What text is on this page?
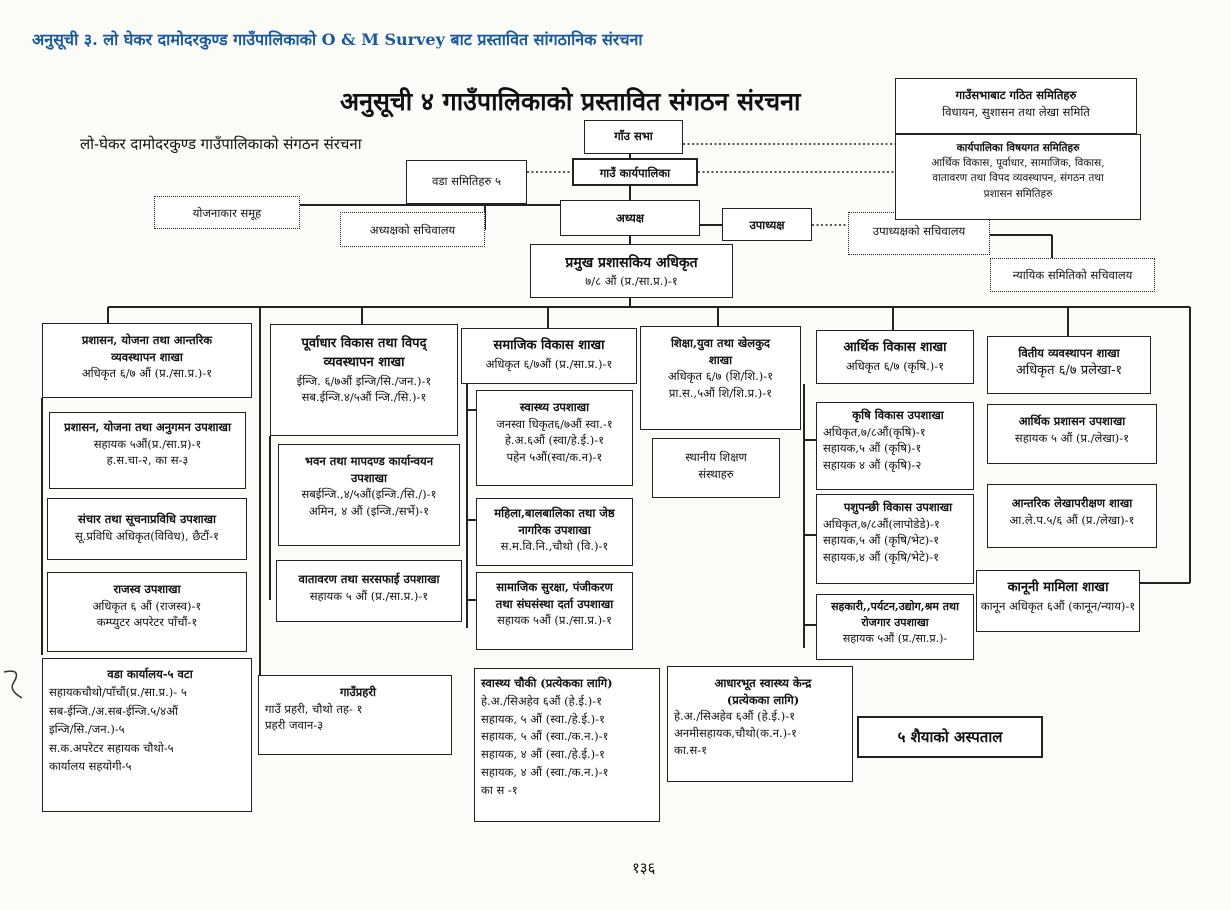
अनुसूची ३. लो घेकर दामोदरकुण्ड गाउँपालिकाको O & M Survey बाट प्रस्तावित सांगठानिक संरचना
अनुसूची ४ गाउँपालिकाको प्रस्तावित संगठन संरचना
लो-घेकर दामोदरकुण्ड गाउँपालिकाको संगठन संरचना	गाँउ सभा
गाउँ कार्यपालिका
वडा समितिहरु ५
योजनाकार समूह	अध्यक्ष
अध्यक्षको सचिवालय	उपाध्यक्ष	उपाध्यक्षको सचिवालय
न्यायिक समितिको सचिवालय
गाउँसभाबाट गठित समितिहरु
विधायन, सुशासन तथा लेखा समिति
कार्यपालिका विषयगत समितिहरु
आर्थिक विकास, पूर्वाधार, सामाजिक, विकास,
वातावरण तथा विपद व्यवस्थापन, संगठन तथा
प्रशासन समितिहरु
प्रमुख प्रशासकिय अधिकृत
७/८ औं (प्र./सा.प्र.)-१
प्रशासन, योजना तथा आन्तरिक
व्यवस्थापन शाखा
अधिकृत ६/७ औं (प्र./सा.प्र.)-१
प्रशासन, योजना तथा अनुगमन उपशाखा
सहायक ५औं(प्र./सा.प्र)-१
ह.स.चा-२, का स-३
संचार तथा सूचनाप्रविधि उपशाखा
सू.प्रविधि अधिकृत(विविध), छैटौं-१
राजस्व उपशाखा
अधिकृत ६ औं (राजस्व)-१
कम्प्युटर अपरेटर पाँचौं-१
वडा कार्यालय-५ वटा
सहायकचौथो/पाँचौं(प्र./सा.प्र.)- ५
सब-ईन्जि./अ.सब-ईन्जि.५/४औं
इन्जि/सि./जन.)-५
स.क.अपरेटर सहायक चौथो-५
कार्यालय सहयोगी-५
पूर्वाधार विकास तथा विपद्
व्यवस्थापन शाखा
ईन्जि. ६/७औं इन्जि/सि./जन.)-१
सब.ईन्जि.४/५औं न्जि./सि.)-१
भवन तथा मापदण्ड कार्यान्वयन
उपशाखा
सबईन्जि.,४/५औं(इन्जि./सि./)-१
अमिन, ४ औं (इन्जि./सर्भे)-१
वातावरण तथा सरसफाई उपशाखा
सहायक ५ औं (प्र./सा.प्र.)-१
गाउँप्रहरी
गाउँ प्रहरी, चौथो तह- १
प्रहरी जवान-३
समाजिक विकास शाखा
अधिकृत ६/७औं (प्र./सा.प्र.)-१
स्वास्थ्य उपशाखा
जनस्वा धिकृत६/७औं स्वा.-१
हे.अ.६औं (स्वा/हे.ई.)-१
पहेन ५औं(स्वा/क.न)-१
महिला,बालबालिका तथा जेष्ठ
नागरिक उपशाखा
स.म.वि.नि.,चौथो (वि.)-१
सामाजिक सुरक्षा, पंजीकरण
तथा संघसंस्था दर्ता उपशाखा
सहायक ५औं (प्र./सा.प्र.)-१
स्वास्थ्य चौकी (प्रत्येकका लागि)
हे.अ./सिअहेव ६औं (हे.ई.)-१
सहायक, ५ औं (स्वा./हे.ई.)-१
सहायक, ५ औं (स्वा./क.न.)-१
सहायक, ४ औं (स्वा./हे.ई.)-१
सहायक, ४ औं (स्वा./क.न.)-१
का स -१
शिक्षा,युवा तथा खेलकुद
शाखा
अधिकृत ६/७ (शि/शि.)-१
प्रा.स.,५औं शि/शि.प्र.)-१
स्थानीय शिक्षण
संस्थाहरु
आधारभूत स्वास्थ्य केन्द्र
(प्रत्येकका लागि)
हे.अ./सिअहेव ६औं (हे.ई.)-१
अनमीसहायक,चौथो(क.न.)-१
का.स-१
आर्थिक विकास शाखा
अधिकृत ६/७ (कृषि.)-१
कृषि विकास उपशाखा
अधिकृत,७/८औं(कृषि)-१
सहायक,५ औं (कृषि)-१
सहायक ४ औं (कृषि)-२
पशुपन्छी विकास उपशाखा
अधिकृत,७/८औं(लापोडेडे)-१
सहायक,५ औं (कृषि/भेट)-१
सहायक,४ औं (कृषि/भेटे)-१
सहकारी,,पर्यटन,उद्योग,श्रम तथा
रोजगार उपशाखा
सहायक ५औं (प्र./सा.प्र.)-
५ शैयाको अस्पताल
वितीय व्यवस्थापन शाखा
अधिकृत ६/७ प्रलेखा-१
आर्थिक प्रशासन उपशाखा
सहायक ५ औं (प्र./लेखा)-१
आन्तरिक लेखापरीक्षण शाखा
आ.ले.प.५/६ औं (प्र./लेखा)-१
कानूनी मामिला शाखा
कानून अधिकृत ६औं (कानून/न्याय)-१
१३६
